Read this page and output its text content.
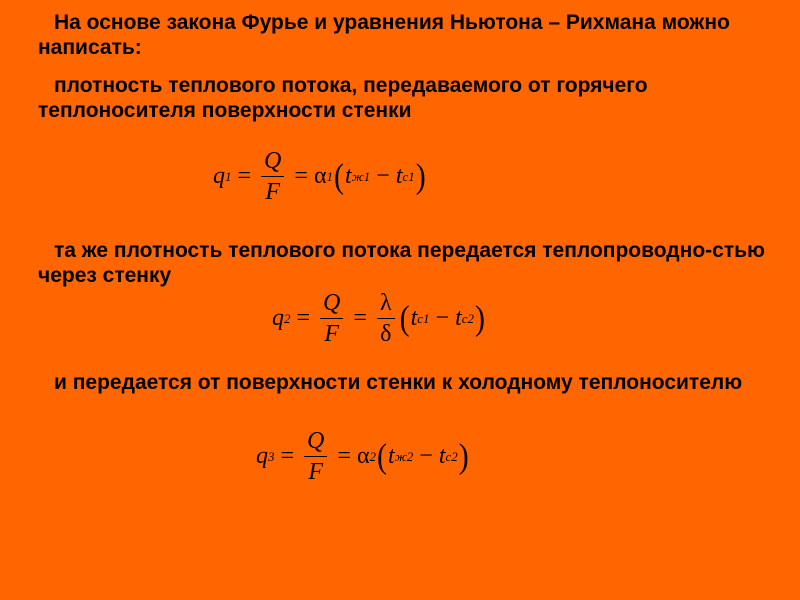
На основе закона Фурье и уравнения Ньютона – Рихмана можно написать:

плотность теплового потока, передаваемого от горячего теплоносителя поверхности стенки

q $1 = \frac{Q}{F} = \alpha$ 1 ( t ж1 − t с1 )

та же плотность теплового потока передается теплопроводно-стью через стенку

q $2 = \frac{Q}{F} = \frac{\lambda}{\delta}$ ( t с1 − t с2 )

и передается от поверхности стенки к холодному теплоносителю

q $3 = \frac{Q}{F} = \alpha$ 2 ( t ж2 − t с2 )
